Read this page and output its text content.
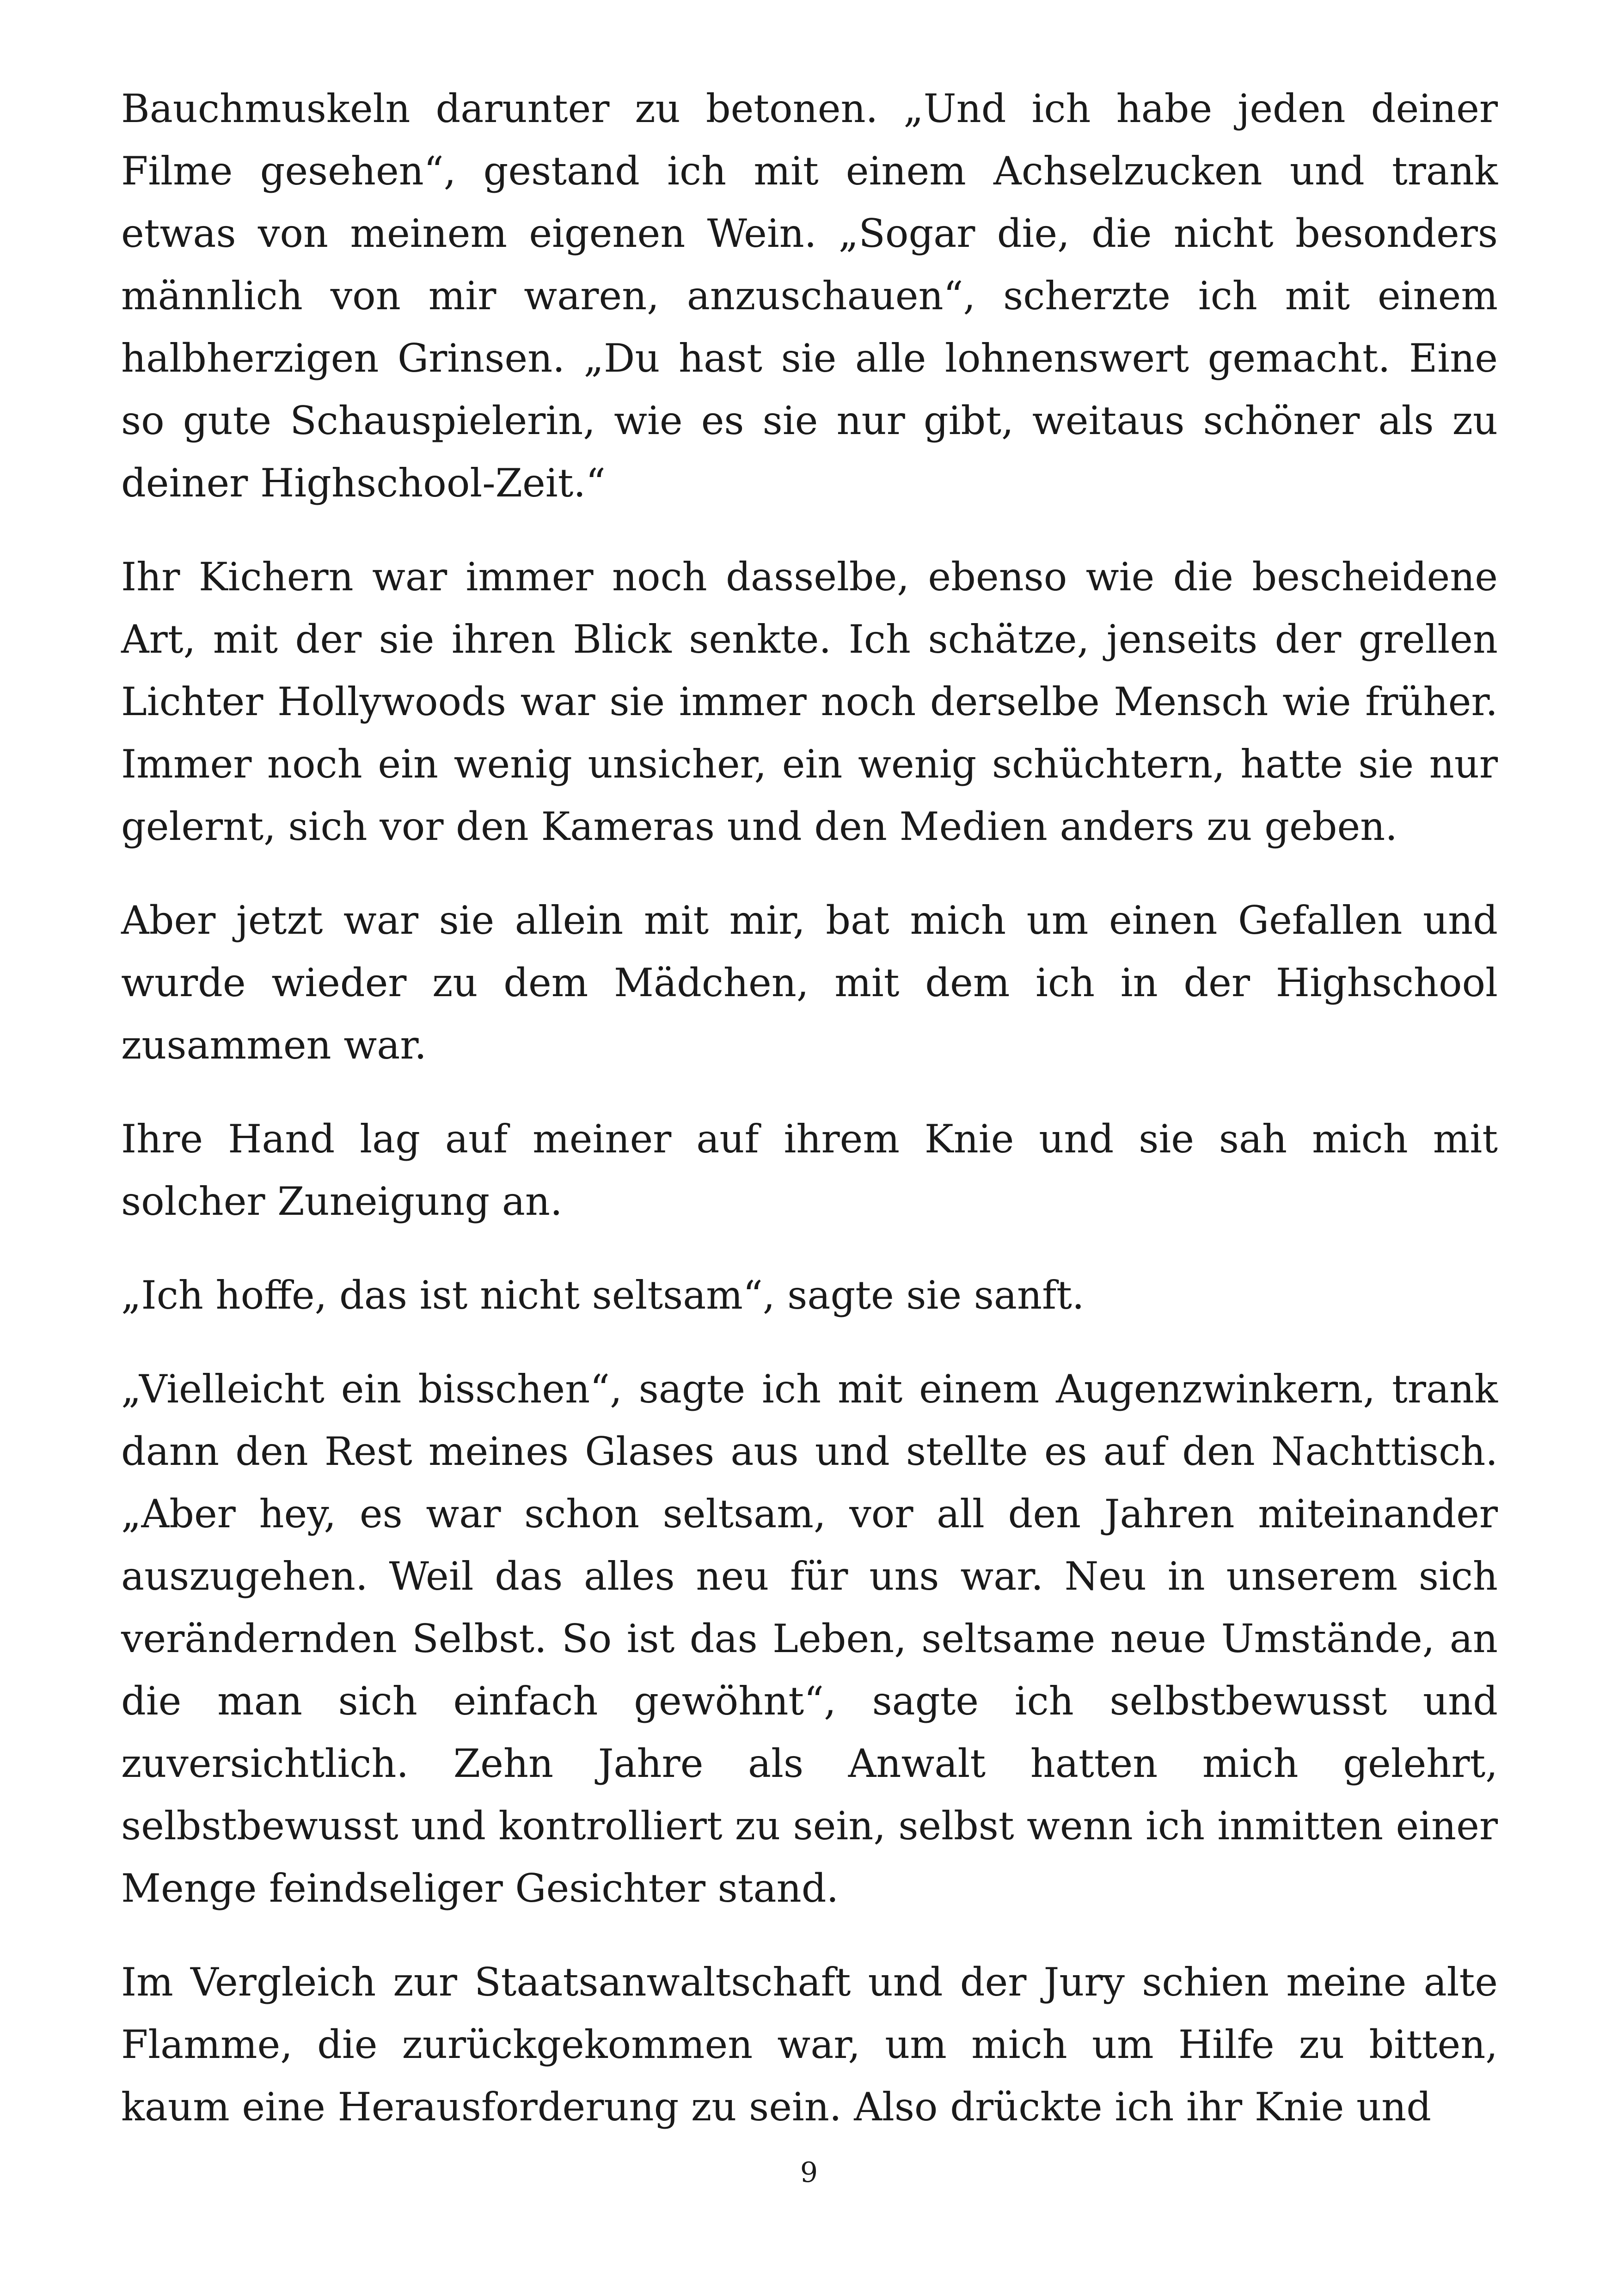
Bauchmuskeln darunter zu betonen. „Und ich habe jeden deiner Filme gesehen“, gestand ich mit einem Achselzucken und trank etwas von meinem eigenen Wein. „Sogar die, die nicht besonders männlich von mir waren, anzuschauen“, scherzte ich mit einem halbherzigen Grinsen. „Du hast sie alle lohnenswert gemacht. Eine so gute Schauspielerin, wie es sie nur gibt, weitaus schöner als zu deiner Highschool-Zeit.“

Ihr Kichern war immer noch dasselbe, ebenso wie die bescheidene Art, mit der sie ihren Blick senkte. Ich schätze, jenseits der grellen Lichter Hollywoods war sie immer noch derselbe Mensch wie früher. Immer noch ein wenig unsicher, ein wenig schüchtern, hatte sie nur gelernt, sich vor den Kameras und den Medien anders zu geben.

Aber jetzt war sie allein mit mir, bat mich um einen Gefallen und wurde wieder zu dem Mädchen, mit dem ich in der Highschool zusammen war.

Ihre Hand lag auf meiner auf ihrem Knie und sie sah mich mit solcher Zuneigung an.

„Ich hoffe, das ist nicht seltsam“, sagte sie sanft.

„Vielleicht ein bisschen“, sagte ich mit einem Augenzwinkern, trank dann den Rest meines Glases aus und stellte es auf den Nachttisch. „Aber hey, es war schon seltsam, vor all den Jahren miteinander auszugehen. Weil das alles neu für uns war. Neu in unserem sich verändernden Selbst. So ist das Leben, seltsame neue Umstände, an die man sich einfach gewöhnt“, sagte ich selbstbewusst und zuversichtlich. Zehn Jahre als Anwalt hatten mich gelehrt, selbstbewusst und kontrolliert zu sein, selbst wenn ich inmitten einer Menge feindseliger Gesichter stand.

Im Vergleich zur Staatsanwaltschaft und der Jury schien meine alte Flamme, die zurückgekommen war, um mich um Hilfe zu bitten, kaum eine Herausforderung zu sein. Also drückte ich ihr Knie und

9
